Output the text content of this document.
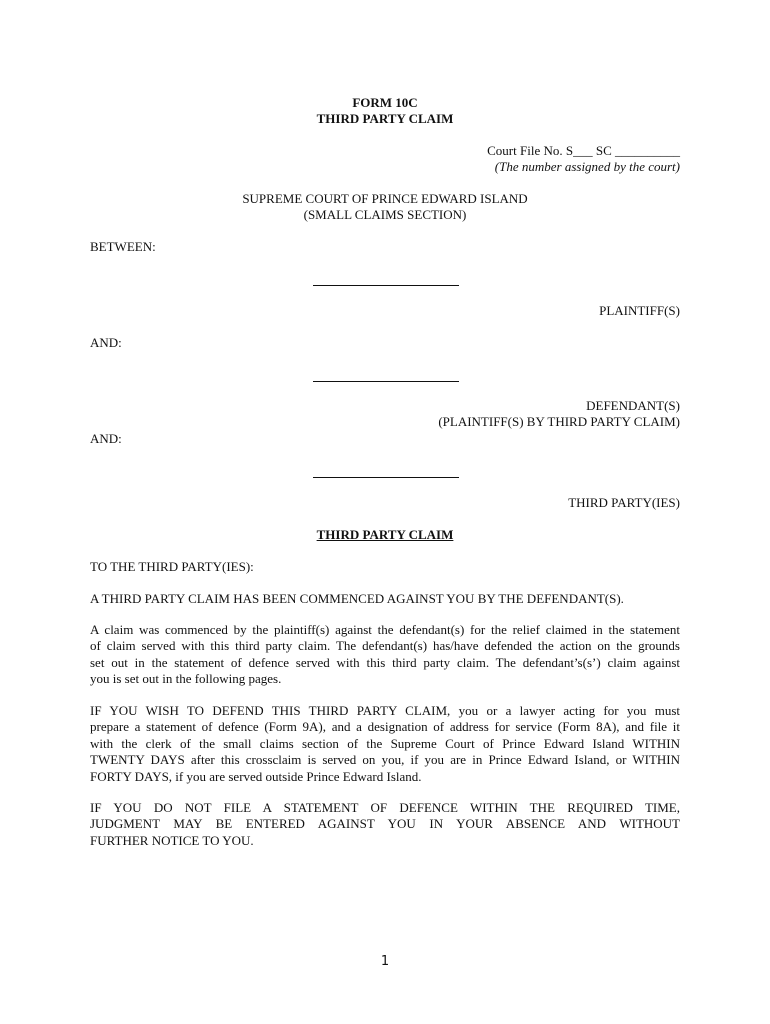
FORM 10C
THIRD PARTY CLAIM
Court File No. S___ SC __________
(The number assigned by the court)
SUPREME COURT OF PRINCE EDWARD ISLAND
(SMALL CLAIMS SECTION)
BETWEEN:
PLAINTIFF(S)
AND:
DEFENDANT(S)
(PLAINTIFF(S) BY THIRD PARTY CLAIM)
AND:
THIRD PARTY(IES)
THIRD PARTY CLAIM
TO THE THIRD PARTY(IES):
A THIRD PARTY CLAIM HAS BEEN COMMENCED AGAINST YOU BY THE DEFENDANT(S).
A claim was commenced by the plaintiff(s) against the defendant(s) for the relief claimed in the statement
of claim served with this third party claim. The defendant(s) has/have defended the action on the grounds
set out in the statement of defence served with this third party claim. The defendant’s(s’) claim against
you is set out in the following pages.
IF YOU WISH TO DEFEND THIS THIRD PARTY CLAIM, you or a lawyer acting for you must
prepare a statement of defence (Form 9A), and a designation of address for service (Form 8A), and file it
with the clerk of the small claims section of the Supreme Court of Prince Edward Island WITHIN
TWENTY DAYS after this crossclaim is served on you, if you are in Prince Edward Island, or WITHIN
FORTY DAYS, if you are served outside Prince Edward Island.
IF YOU DO NOT FILE A STATEMENT OF DEFENCE WITHIN THE REQUIRED TIME,
JUDGMENT MAY BE ENTERED AGAINST YOU IN YOUR ABSENCE AND WITHOUT
FURTHER NOTICE TO YOU.
1
